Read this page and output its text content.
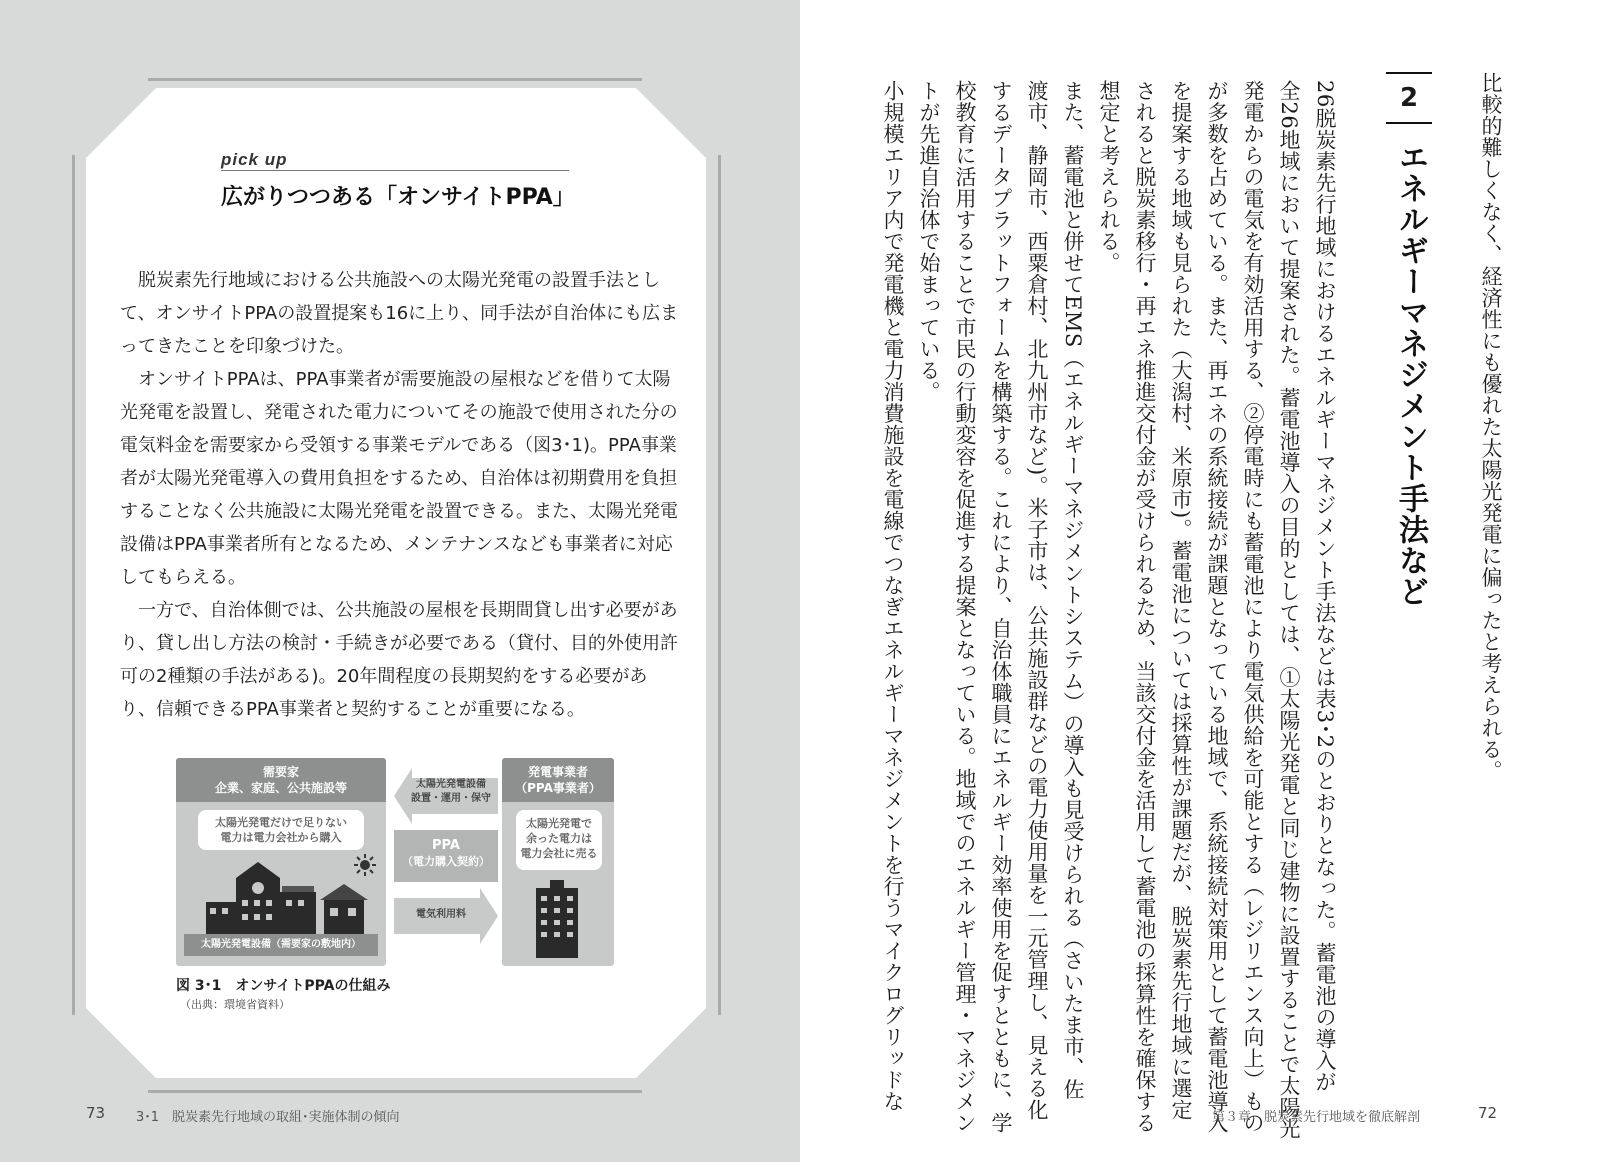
pick up
広がりつつある「オンサイトPPA」

脱炭素先行地域における公共施設への太陽光発電の設置手法として、オンサイトPPAの設置提案も16に上り、同手法が自治体にも広まってきたことを印象づけた。

オンサイトPPAは、PPA事業者が需要施設の屋根などを借りて太陽光発電を設置し、発電された電力についてその施設で使用された分の電気料金を需要家から受領する事業モデルである（図3･1)。PPA事業者が太陽光発電導入の費用負担をするため、自治体は初期費用を負担することなく公共施設に太陽光発電を設置できる。また、太陽光発電設備はPPA事業者所有となるため、メンテナンスなども事業者に対応してもらえる。

一方で、自治体側では、公共施設の屋根を長期間貸し出す必要があり、貸し出し方法の検討・手続きが必要である（貸付、目的外使用許可の2種類の手法がある)。20年間程度の長期契約をする必要があり、信頼できるPPA事業者と契約することが重要になる。

需要家
企業、家庭、公共施設等
太陽光発電だけで足りない
電力は電力会社から購入
太陽光発電設備（需要家の敷地内）
太陽光発電設備
設置・運用・保守
PPA
（電力購入契約）
電気利用料
発電事業者
（PPA事業者）
太陽光発電で
余った電力は
電力会社に売る
図 3･1　オンサイトPPAの仕組み
（出典：環境省資料）
73 3･1　脱炭素先行地域の取組･実施体制の傾向
比較的難しくなく、経済性にも優れた太陽光発電に偏ったと考えられる。
2
エネルギーマネジメント手法など
26脱炭素先行地域におけるエネルギーマネジメント手法などは表3･2のとおりとなった。蓄電池の導入が
全26地域において提案された。蓄電池導入の目的としては、①太陽光発電と同じ建物に設置することで太陽光
発電からの電気を有効活用する、②停電時にも蓄電池により電気供給を可能とする（レジリエンス向上）もの
が多数を占めている。また、再エネの系統接続が課題となっている地域で、系統接続対策用として蓄電池導入
を提案する地域も見られた（大潟村、米原市)。蓄電池については採算性が課題だが、脱炭素先行地域に選定
されると脱炭素移行・再エネ推進交付金が受けられるため、当該交付金を活用して蓄電池の採算性を確保する
想定と考えられる。
また、蓄電池と併せてEMS（エネルギーマネジメントシステム）の導入も見受けられる（さいたま市、佐
渡市、静岡市、西粟倉村、北九州市など)。米子市は、公共施設群などの電力使用量を一元管理し、見える化
するデータプラットフォームを構築する。これにより、自治体職員にエネルギー効率使用を促すとともに、学
校教育に活用することで市民の行動変容を促進する提案となっている。地域でのエネルギー管理・マネジメン
トが先進自治体で始まっている。
小規模エリア内で発電機と電力消費施設を電線でつなぎエネルギーマネジメントを行うマイクログリッドな
第３章　脱炭素先行地域を徹底解剖	72
